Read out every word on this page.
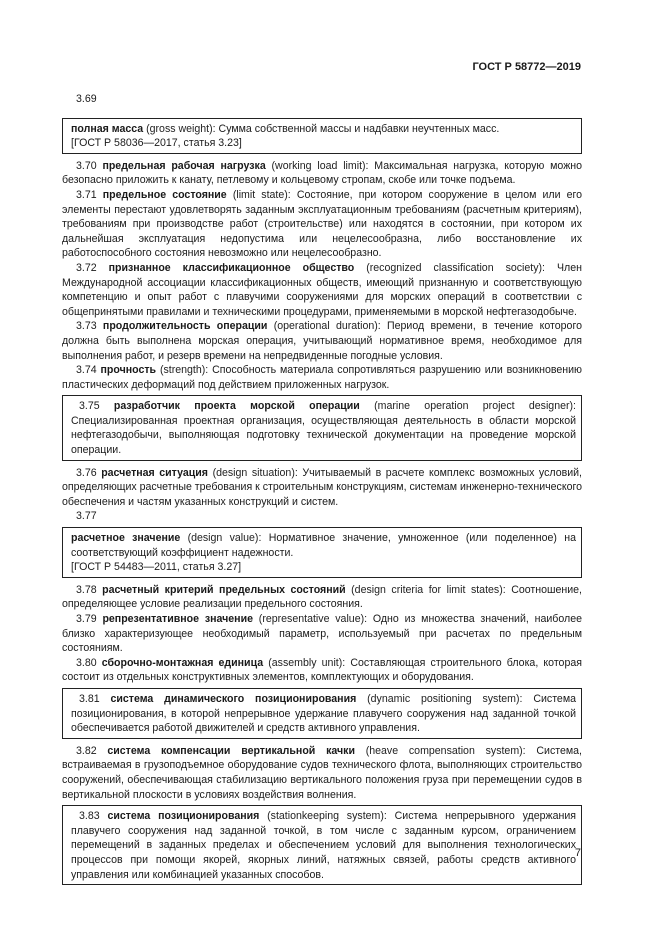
ГОСТ Р 58772—2019
3.69

полная масса (gross weight): Сумма собственной массы и надбавки неучтенных масс.

[ГОСТ Р 58036—2017, статья 3.23]

3.70 предельная рабочая нагрузка (working load limit): Максимальная нагрузка, которую можно безопасно приложить к канату, петлевому и кольцевому стропам, скобе или точке подъема.

3.71 предельное состояние (limit state): Состояние, при котором сооружение в целом или его элементы перестают удовлетворять заданным эксплуатационным требованиям (расчетным критериям), требованиям при производстве работ (строительстве) или находятся в состоянии, при котором их дальнейшая эксплуатация недопустима или нецелесообразна, либо восстановление их работоспособного состояния невозможно или нецелесообразно.

3.72 признанное классификационное общество (recognized classification society): Член Международной ассоциации классификационных обществ, имеющий признанную и соответствующую компетенцию и опыт работ с плавучими сооружениями для морских операций в соответствии с общепринятыми правилами и техническими процедурами, применяемыми в морской нефтегазодобыче.

3.73 продолжительность операции (operational duration): Период времени, в течение которого должна быть выполнена морская операция, учитывающий нормативное время, необходимое для выполнения работ, и резерв времени на непредвиденные погодные условия.

3.74 прочность (strength): Способность материала сопротивляться разрушению или возникновению пластических деформаций под действием приложенных нагрузок.

3.75 разработчик проекта морской операции (marine operation project designer): Специализированная проектная организация, осуществляющая деятельность в области морской нефтегазодобычи, выполняющая подготовку технической документации на проведение морской операции.

3.76 расчетная ситуация (design situation): Учитываемый в расчете комплекс возможных условий, определяющих расчетные требования к строительным конструкциям, системам инженерно-технического обеспечения и частям указанных конструкций и систем.

3.77

расчетное значение (design value): Нормативное значение, умноженное (или поделенное) на соответствующий коэффициент надежности.

[ГОСТ Р 54483—2011, статья 3.27]

3.78 расчетный критерий предельных состояний (design criteria for limit states): Соотношение, определяющее условие реализации предельного состояния.

3.79 репрезентативное значение (representative value): Одно из множества значений, наиболее близко характеризующее необходимый параметр, используемый при расчетах по предельным состояниям.

3.80 сборочно-монтажная единица (assembly unit): Составляющая строительного блока, которая состоит из отдельных конструктивных элементов, комплектующих и оборудования.

3.81 система динамического позиционирования (dynamic positioning system): Система позиционирования, в которой непрерывное удержание плавучего сооружения над заданной точкой обеспечивается работой движителей и средств активного управления.

3.82 система компенсации вертикальной качки (heave compensation system): Система, встраиваемая в грузоподъемное оборудование судов технического флота, выполняющих строительство сооружений, обеспечивающая стабилизацию вертикального положения груза при перемещении судов в вертикальной плоскости в условиях воздействия волнения.

3.83 система позиционирования (stationkeeping system): Система непрерывного удержания плавучего сооружения над заданной точкой, в том числе с заданным курсом, ограничением перемещений в заданных пределах и обеспечением условий для выполнения технологических процессов при помощи якорей, якорных линий, натяжных связей, работы средств активного управления или комбинацией указанных способов.

7
